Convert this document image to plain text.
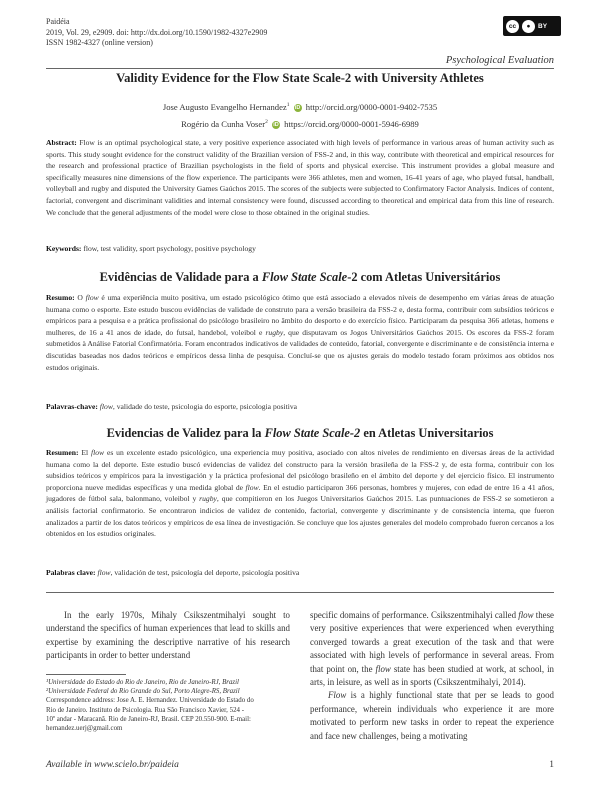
Paidéia
2019, Vol. 29, e2909. doi: http://dx.doi.org/10.1590/1982-4327e2909
ISSN 1982-4327 (online version)
cc	●	BY
Psychological Evaluation
Validity Evidence for the Flow State Scale-2 with University Athletes
Jose Augusto Evangelho Hernandez$^1$ iD http://orcid.org/0000-0001-9402-7535
Rogério da Cunha Voser$^2$ iD https://orcid.org/0000-0001-5946-6989
Abstract: Flow is an optimal psychological state, a very positive experience associated with high levels of performance in various areas of human activity such as sports. This study sought evidence for the construct validity of the Brazilian version of FSS-2 and, in this way, contribute with theoretical and empirical resources for the research and professional practice of Brazilian psychologists in the field of sports and physical exercise. This instrument provides a global measure and specifically measures nine dimensions of the flow experience. The participants were 366 athletes, men and women, 16-41 years of age, who played futsal, handball, volleyball and rugby and disputed the University Games Gaúchos 2015. The scores of the subjects were subjected to Confirmatory Factor Analysis. Indices of content, factorial, convergent and discriminant validities and internal consistency were found, discussed according to theoretical and empirical data from this line of research. We conclude that the general adjustments of the model were close to those obtained in the original studies.
Keywords: flow, test validity, sport psychology, positive psychology
Evidências de Validade para a Flow State Scale-2 com Atletas Universitários
Resumo: O flow é uma experiência muito positiva, um estado psicológico ótimo que está associado a elevados níveis de desempenho em várias áreas de atuação humana como o esporte. Este estudo buscou evidências de validade de construto para a versão brasileira da FSS-2 e, desta forma, contribuir com subsídios teóricos e empíricos para a pesquisa e a prática profissional do psicólogo brasileiro no âmbito do desporto e do exercício físico. Participaram da pesquisa 366 atletas, homens e mulheres, de 16 a 41 anos de idade, do futsal, handebol, voleibol e rugby, que disputavam os Jogos Universitários Gaúchos 2015. Os escores da FSS-2 foram submetidos à Análise Fatorial Confirmatória. Foram encontrados indicativos de validades de conteúdo, fatorial, convergente e discriminante e de consistência interna e discutidas baseadas nos dados teóricos e empíricos dessa linha de pesquisa. Concluí-se que os ajustes gerais do modelo testado foram próximos aos obtidos nos estudos originais.
Palavras-chave: flow, validade do teste, psicologia do esporte, psicologia positiva
Evidencias de Validez para la Flow State Scale-2 en Atletas Universitarios
Resumen: El flow es un excelente estado psicológico, una experiencia muy positiva, asociado con altos niveles de rendimiento en diversas áreas de la actividad humana como la del deporte. Este estudio buscó evidencias de validez del constructo para la versión brasileña de la FSS-2 y, de esta forma, contribuir con los subsidios teóricos y empíricos para la investigación y la práctica profesional del psicólogo brasileño en el ámbito del deporte y del ejercicio físico. El instrumento proporciona nueve medidas específicas y una medida global de flow. En el estudio participaron 366 personas, hombres y mujeres, con edad de entre 16 a 41 años, jugadores de fútbol sala, balonmano, voleibol y rugby, que compitieron en los Juegos Universitarios Gaúchos 2015. Las puntuaciones de FSS-2 se sometieron a análisis factorial confirmatorio. Se encontraron indicios de validez de contenido, factorial, convergente y discriminante y de consistencia interna, que fueron analizados a partir de los datos teóricos y empíricos de esa línea de investigación. Se concluye que los ajustes generales del modelo comprobado fueron cercanos a los obtenidos en los estudios originales.
Palabras clave: flow, validación de test, psicología del deporte, psicología positiva

In the early 1970s, Mihaly Csikszentmihalyi sought to understand the specifics of human experiences that lead to skills and expertise by examining the descriptive narrative of his research participants in order to better understand

¹Universidade do Estado do Rio de Janeiro, Rio de Janeiro-RJ, Brazil
²Universidade Federal do Rio Grande do Sul, Porto Alegre-RS, Brazil
Correspondence address: Jose A. E. Hernandez. Universidade do Estado do
Rio de Janeiro. Instituto de Psicologia. Rua São Francisco Xavier, 524 -
10º andar - Maracanã. Rio de Janeiro-RJ, Brasil. CEP 20.550-900. E-mail:
hernandez.uerj@gmail.com

specific domains of performance. Csikszentmihalyi called flow these very positive experiences that were experienced when everything converged towards a great execution of the task and that were associated with high levels of performance in several areas. From that point on, the flow state has been studied at work, at school, in arts, in leisure, as well as in sports (Csikszentmihalyi, 2014).

Flow is a highly functional state that per se leads to good performance, wherein individuals who experience it are more motivated to perform new tasks in order to repeat the experience and face new challenges, being a motivating

Available in www.scielo.br/paideia	1
